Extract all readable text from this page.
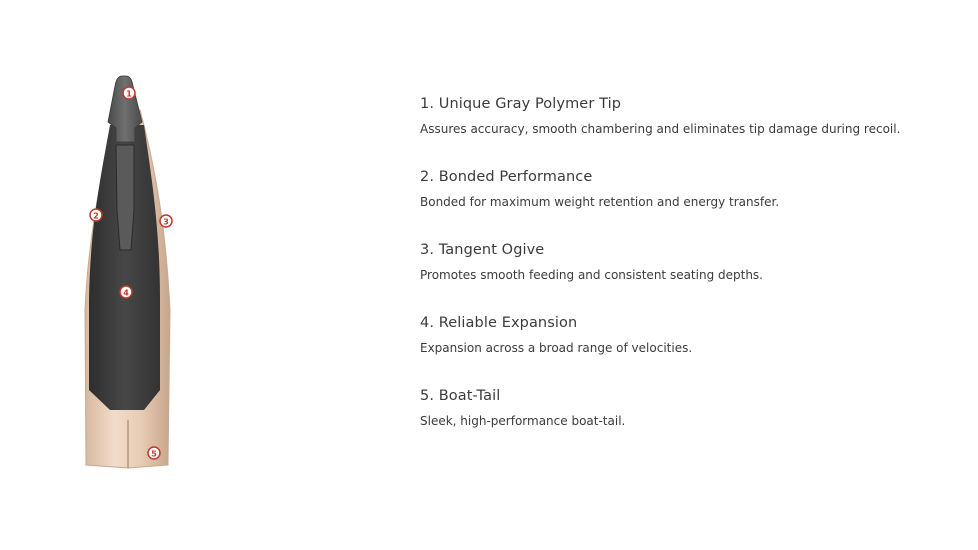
1
2
3
4
5

1. Unique Gray Polymer Tip

Assures accuracy, smooth chambering and eliminates tip damage during recoil.

2. Bonded Performance

Bonded for maximum weight retention and energy transfer.

3. Tangent Ogive

Promotes smooth feeding and consistent seating depths.

4. Reliable Expansion

Expansion across a broad range of velocities.

5. Boat-Tail

Sleek, high-performance boat-tail.
